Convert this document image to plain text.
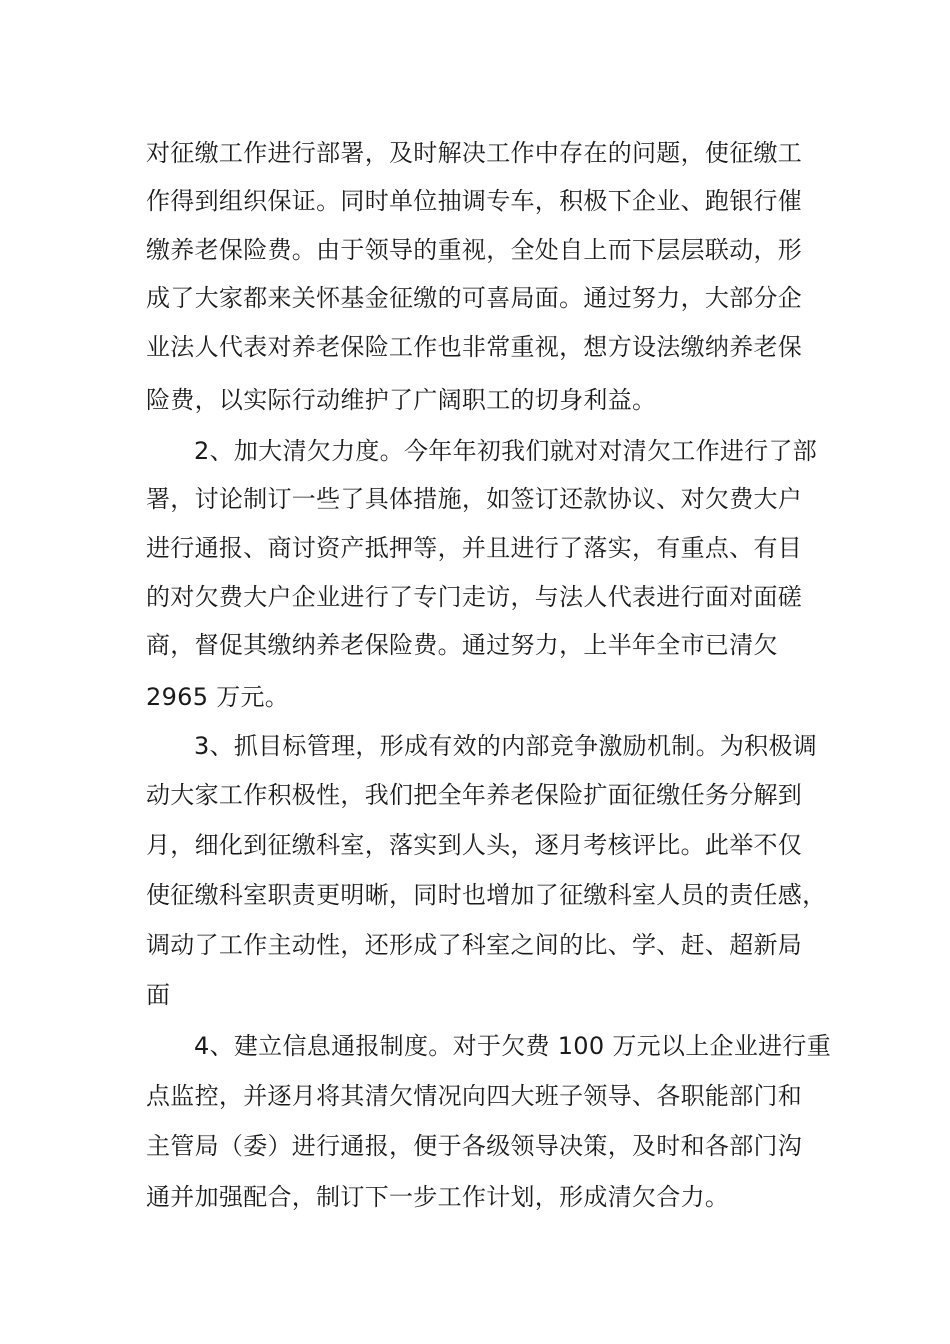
对征缴工作进行部署，及时解决工作中存在的问题，使征缴工
作得到组织保证。同时单位抽调专车，积极下企业、跑银行催
缴养老保险费。由于领导的重视，全处自上而下层层联动，形
成了大家都来关怀基金征缴的可喜局面。通过努力，大部分企
业法人代表对养老保险工作也非常重视，想方设法缴纳养老保
险费，以实际行动维护了广阔职工的切身利益。
2、加大清欠力度。今年年初我们就对对清欠工作进行了部
署，讨论制订一些了具体措施，如签订还款协议、对欠费大户
进行通报、商讨资产抵押等，并且进行了落实，有重点、有目
的对欠费大户企业进行了专门走访，与法人代表进行面对面磋
商，督促其缴纳养老保险费。通过努力，上半年全市已清欠
2965 万元。
3、抓目标管理，形成有效的内部竞争激励机制。为积极调
动大家工作积极性，我们把全年养老保险扩面征缴任务分解到
月，细化到征缴科室，落实到人头，逐月考核评比。此举不仅
使征缴科室职责更明晰，同时也增加了征缴科室人员的责任感，
调动了工作主动性，还形成了科室之间的比、学、赶、超新局
面
4、建立信息通报制度。对于欠费 100 万元以上企业进行重
点监控，并逐月将其清欠情况向四大班子领导、各职能部门和
主管局（委）进行通报，便于各级领导决策，及时和各部门沟
通并加强配合，制订下一步工作计划，形成清欠合力。
